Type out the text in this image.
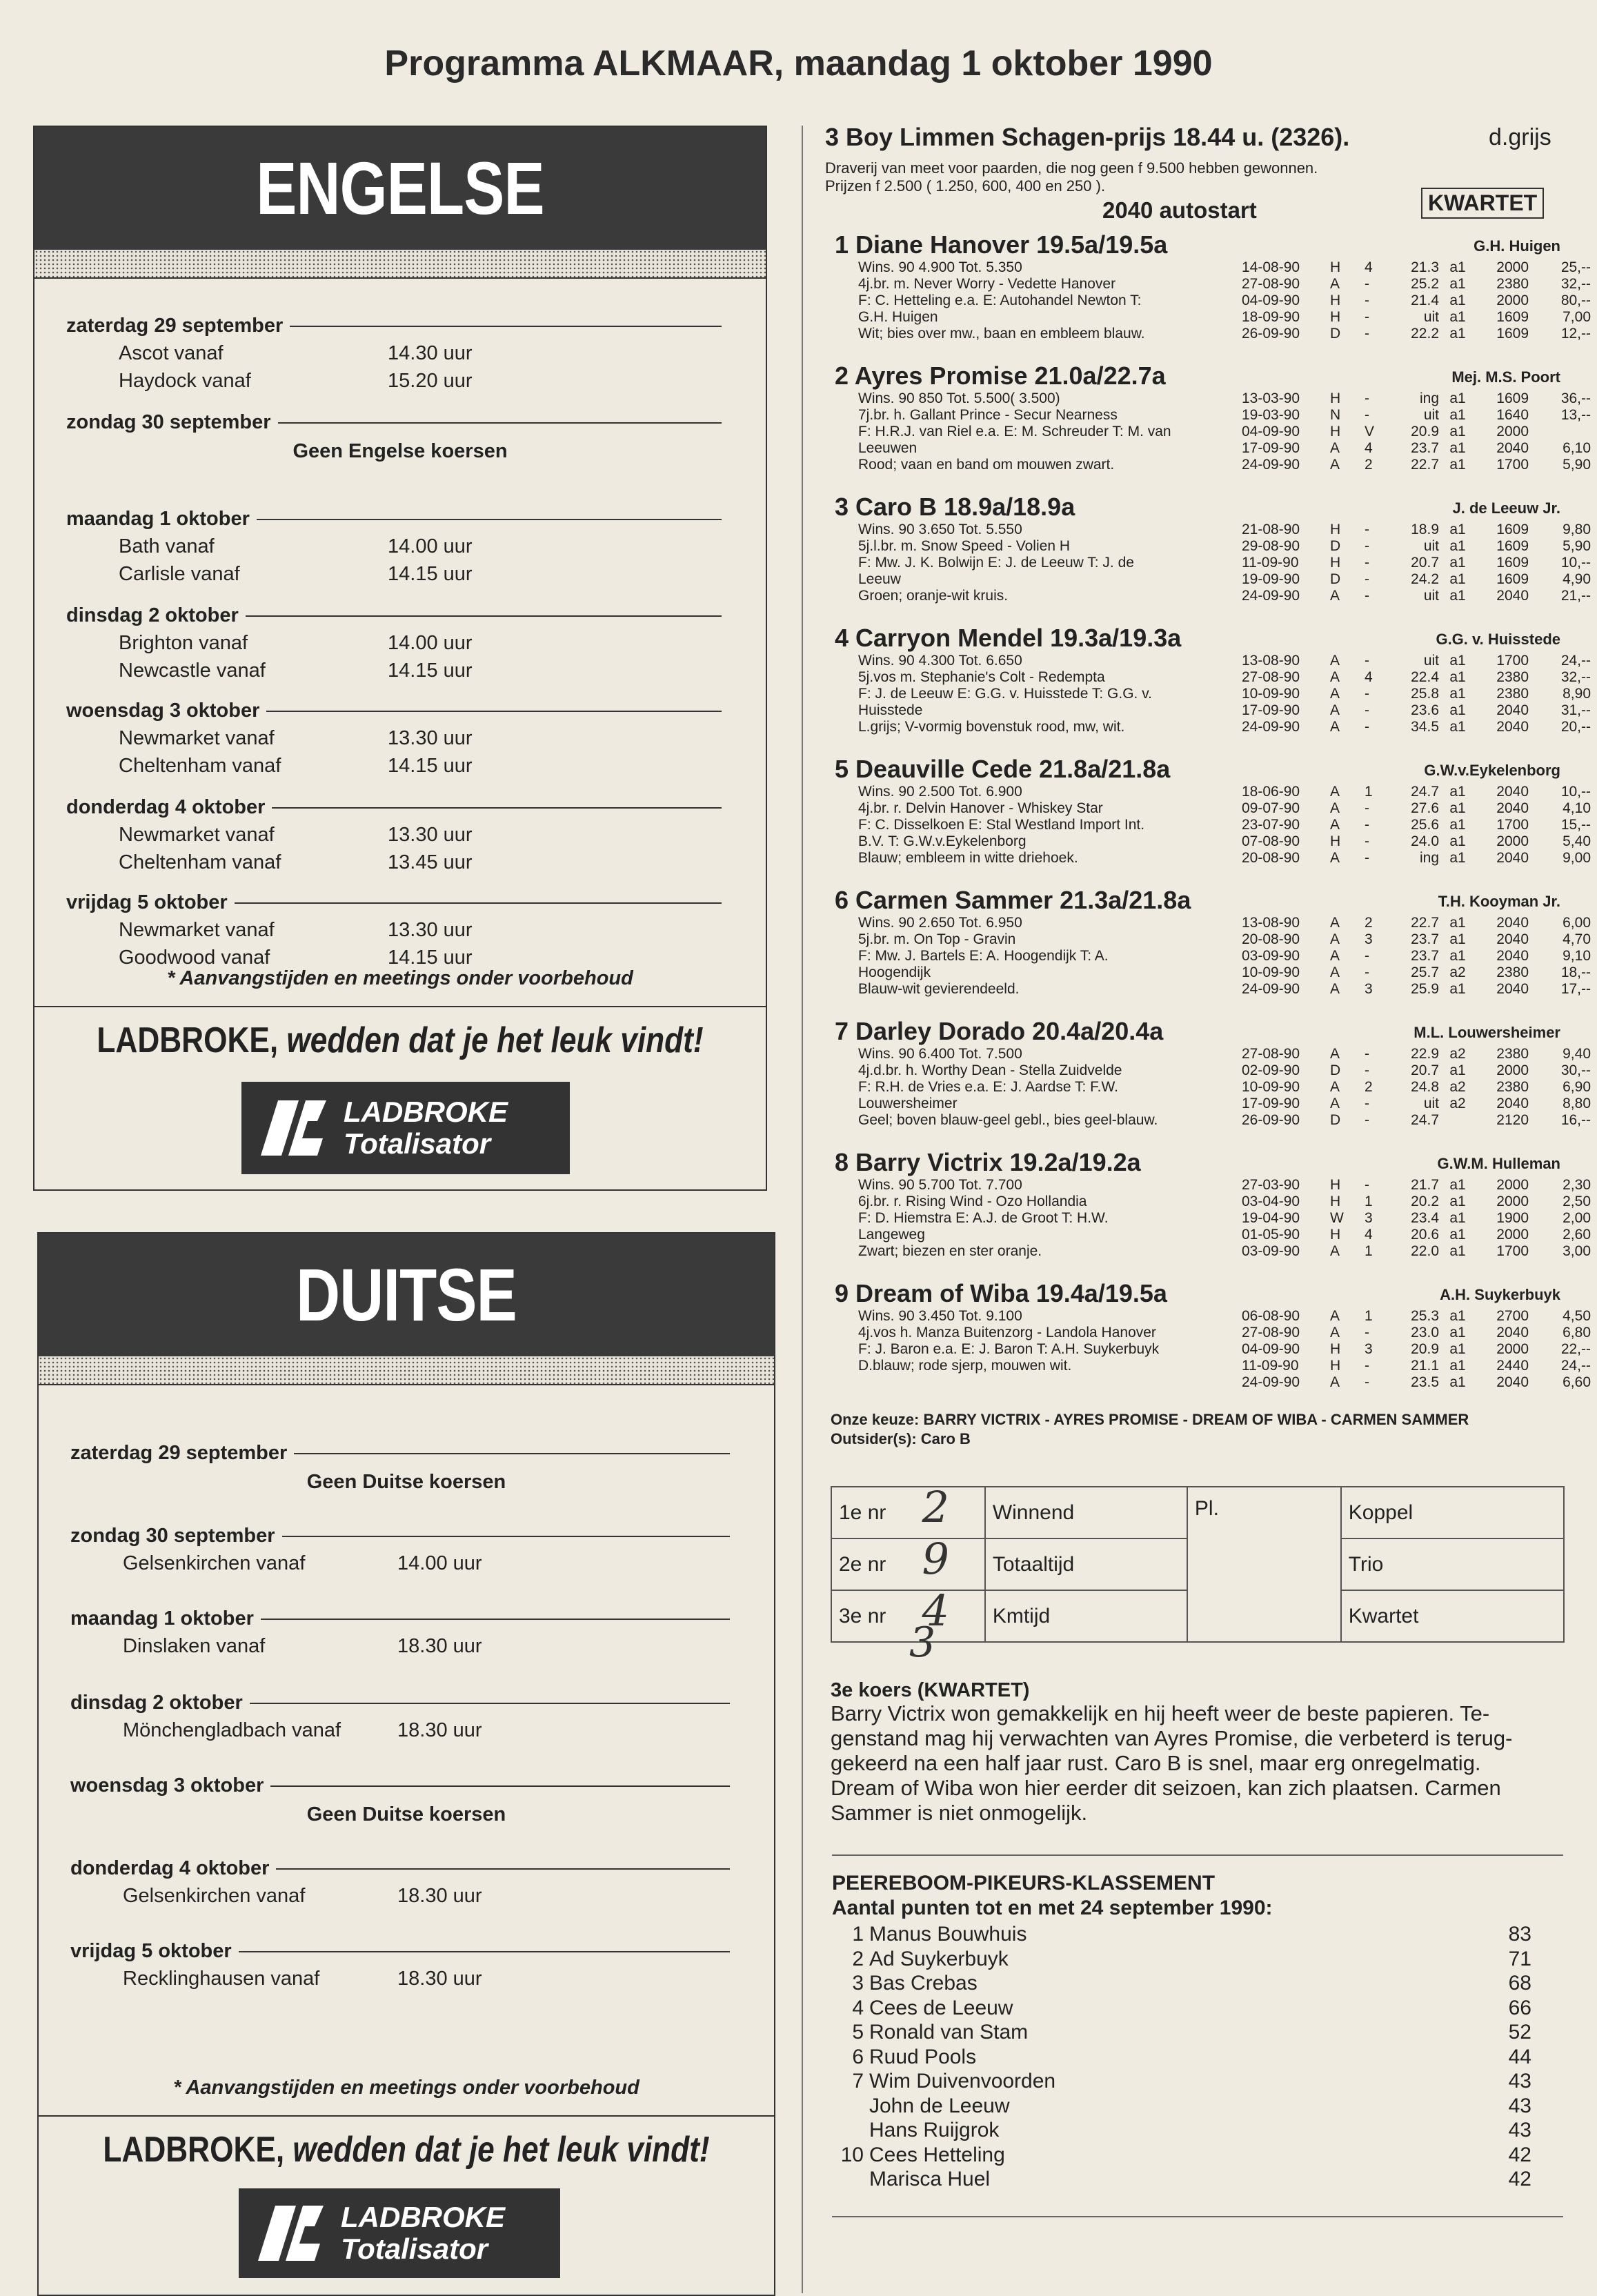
Programma ALKMAAR, maandag 1 oktober 1990
ENGELSE
zaterdag 29 september
Ascot vanaf	14.30 uur
Haydock vanaf	15.20 uur
zondag 30 september
Geen Engelse koersen
maandag 1 oktober
Bath vanaf	14.00 uur
Carlisle vanaf	14.15 uur
dinsdag 2 oktober
Brighton vanaf	14.00 uur
Newcastle vanaf	14.15 uur
woensdag 3 oktober
Newmarket vanaf	13.30 uur
Cheltenham vanaf	14.15 uur
donderdag 4 oktober
Newmarket vanaf	13.30 uur
Cheltenham vanaf	13.45 uur
vrijdag 5 oktober
Newmarket vanaf	13.30 uur
Goodwood vanaf	14.15 uur
* Aanvangstijden en meetings onder voorbehoud
LADBROKE, wedden dat je het leuk vindt!
LADBROKE
Totalisator
DUITSE
zaterdag 29 september
Geen Duitse koersen
zondag 30 september
Gelsenkirchen vanaf	14.00 uur
maandag 1 oktober
Dinslaken vanaf	18.30 uur
dinsdag 2 oktober
Mönchengladbach vanaf	18.30 uur
woensdag 3 oktober
Geen Duitse koersen
donderdag 4 oktober
Gelsenkirchen vanaf	18.30 uur
vrijdag 5 oktober
Recklinghausen vanaf	18.30 uur
* Aanvangstijden en meetings onder voorbehoud
LADBROKE, wedden dat je het leuk vindt!
LADBROKE
Totalisator
3 Boy Limmen Schagen-prijs 18.44 u. (2326).	d.grijs
Draverij van meet voor paarden, die nog geen f 9.500 hebben gewonnen.
Prijzen f 2.500 ( 1.250, 600, 400 en 250 ).
2040 autostart	KWARTET
1 Diane Hanover 19.5a/19.5a	G.H. Huigen
Wins. 90 4.900 Tot. 5.350
4j.br. m. Never Worry - Vedette Hanover
F: C. Hetteling e.a. E: Autohandel Newton T:
G.H. Huigen
Wit; bies over mw., baan en embleem blauw.
14-08-90	H	4	21.3 a1	2000	25,--
27-08-90	A	-	25.2 a1	2380	32,--
04-09-90	H	-	21.4 a1	2000	80,--
18-09-90	H	-	uit a1	1609	7,00
26-09-90	D	-	22.2 a1	1609	12,--
2 Ayres Promise 21.0a/22.7a	Mej. M.S. Poort
Wins. 90 850 Tot. 5.500( 3.500)
7j.br. h. Gallant Prince - Secur Nearness
F: H.R.J. van Riel e.a. E: M. Schreuder T: M. van
Leeuwen
Rood; vaan en band om mouwen zwart.
13-03-90	H	-	ing a1	1609	36,--
19-03-90	N	-	uit a1	1640	13,--
04-09-90	H	V	20.9 a1	2000
17-09-90	A	4	23.7 a1	2040	6,10
24-09-90	A	2	22.7 a1	1700	5,90
3 Caro B 18.9a/18.9a	J. de Leeuw Jr.
Wins. 90 3.650 Tot. 5.550
5j.l.br. m. Snow Speed - Volien H
F: Mw. J. K. Bolwijn E: J. de Leeuw T: J. de
Leeuw
Groen; oranje-wit kruis.
21-08-90	H	-	18.9 a1	1609	9,80
29-08-90	D	-	uit a1	1609	5,90
11-09-90	H	-	20.7 a1	1609	10,--
19-09-90	D	-	24.2 a1	1609	4,90
24-09-90	A	-	uit a1	2040	21,--
4 Carryon Mendel 19.3a/19.3a	G.G. v. Huisstede
Wins. 90 4.300 Tot. 6.650
5j.vos m. Stephanie's Colt - Redempta
F: J. de Leeuw E: G.G. v. Huisstede T: G.G. v.
Huisstede
L.grijs; V-vormig bovenstuk rood, mw, wit.
13-08-90	A	-	uit a1	1700	24,--
27-08-90	A	4	22.4 a1	2380	32,--
10-09-90	A	-	25.8 a1	2380	8,90
17-09-90	A	-	23.6 a1	2040	31,--
24-09-90	A	-	34.5 a1	2040	20,--
5 Deauville Cede 21.8a/21.8a	G.W.v.Eykelenborg
Wins. 90 2.500 Tot. 6.900
4j.br. r. Delvin Hanover - Whiskey Star
F: C. Disselkoen E: Stal Westland Import Int.
B.V. T: G.W.v.Eykelenborg
Blauw; embleem in witte driehoek.
18-06-90	A	1	24.7 a1	2040	10,--
09-07-90	A	-	27.6 a1	2040	4,10
23-07-90	A	-	25.6 a1	1700	15,--
07-08-90	H	-	24.0 a1	2000	5,40
20-08-90	A	-	ing a1	2040	9,00
6 Carmen Sammer 21.3a/21.8a	T.H. Kooyman Jr.
Wins. 90 2.650 Tot. 6.950
5j.br. m. On Top - Gravin
F: Mw. J. Bartels E: A. Hoogendijk T: A.
Hoogendijk
Blauw-wit gevierendeeld.
13-08-90	A	2	22.7 a1	2040	6,00
20-08-90	A	3	23.7 a1	2040	4,70
03-09-90	A	-	23.7 a1	2040	9,10
10-09-90	A	-	25.7 a2	2380	18,--
24-09-90	A	3	25.9 a1	2040	17,--
7 Darley Dorado 20.4a/20.4a	M.L. Louwersheimer
Wins. 90 6.400 Tot. 7.500
4j.d.br. h. Worthy Dean - Stella Zuidvelde
F: R.H. de Vries e.a. E: J. Aardse T: F.W.
Louwersheimer
Geel; boven blauw-geel gebl., bies geel-blauw.
27-08-90	A	-	22.9 a2	2380	9,40
02-09-90	D	-	20.7 a1	2000	30,--
10-09-90	A	2	24.8 a2	2380	6,90
17-09-90	A	-	uit a2	2040	8,80
26-09-90	D	-	24.7	2120	16,--
8 Barry Victrix 19.2a/19.2a	G.W.M. Hulleman
Wins. 90 5.700 Tot. 7.700
6j.br. r. Rising Wind - Ozo Hollandia
F: D. Hiemstra E: A.J. de Groot T: H.W.
Langeweg
Zwart; biezen en ster oranje.
27-03-90	H	-	21.7 a1	2000	2,30
03-04-90	H	1	20.2 a1	2000	2,50
19-04-90	W	3	23.4 a1	1900	2,00
01-05-90	H	4	20.6 a1	2000	2,60
03-09-90	A	1	22.0 a1	1700	3,00
9 Dream of Wiba 19.4a/19.5a	A.H. Suykerbuyk
Wins. 90 3.450 Tot. 9.100
4j.vos h. Manza Buitenzorg - Landola Hanover
F: J. Baron e.a. E: J. Baron T: A.H. Suykerbuyk
D.blauw; rode sjerp, mouwen wit.
06-08-90	A	1	25.3 a1	2700	4,50
27-08-90	A	-	23.0 a1	2040	6,80
04-09-90	H	3	20.9 a1	2000	22,--
11-09-90	H	-	21.1 a1	2440	24,--
24-09-90	A	-	23.5 a1	2040	6,60
Onze keuze: BARRY VICTRIX - AYRES PROMISE - DREAM OF WIBA - CARMEN SAMMER
Outsider(s): Caro B
1e nr	2	Winnend	Pl.	Koppel
2e nr	9	Totaaltijd		Trio
3e nr	4	Kmtijd		Kwartet
3
3e koers (KWARTET)
Barry Victrix won gemakkelijk en hij heeft weer de beste papieren. Te-
genstand mag hij verwachten van Ayres Promise, die verbeterd is terug-
gekeerd na een half jaar rust. Caro B is snel, maar erg onregelmatig.
Dream of Wiba won hier eerder dit seizoen, kan zich plaatsen. Carmen
Sammer is niet onmogelijk.
PEEREBOOM-PIKEURS-KLASSEMENT
Aantal punten tot en met 24 september 1990:
1 Manus Bouwhuis	83
2 Ad Suykerbuyk	71
3 Bas Crebas	68
4 Cees de Leeuw	66
5 Ronald van Stam	52
6 Ruud Pools	44
7 Wim Duivenvoorden	43
John de Leeuw	43
Hans Ruijgrok	43
10 Cees Hetteling	42
Marisca Huel	42
